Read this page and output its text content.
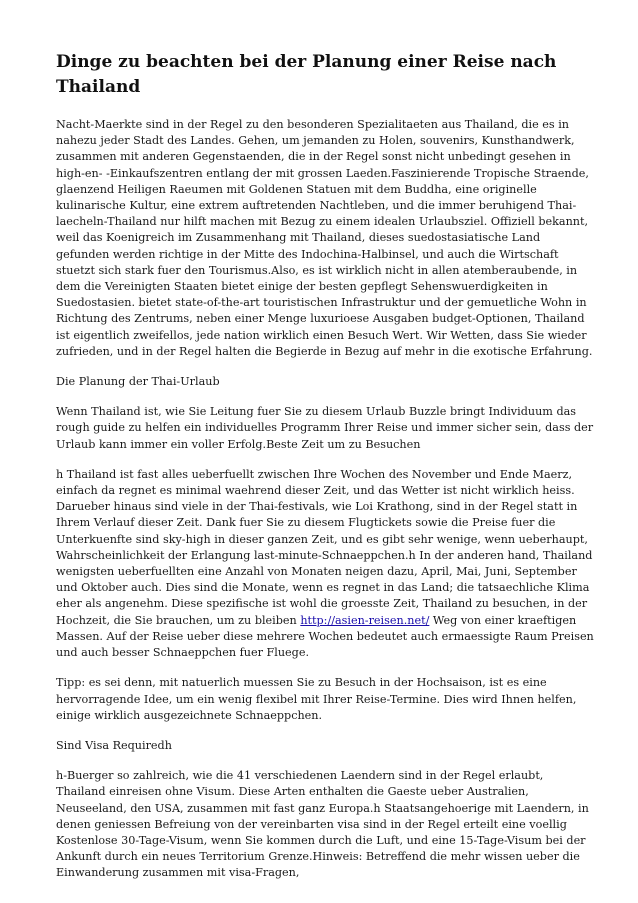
Dinge zu beachten bei der Planung einer Reise nach Thailand

Nacht-Maerkte sind in der Regel zu den besonderen Spezialitaeten aus Thailand, die es in nahezu jeder Stadt des Landes. Gehen, um jemanden zu Holen, souvenirs, Kunsthandwerk, zusammen mit anderen Gegenstaenden, die in der Regel sonst nicht unbedingt gesehen in high-en- -Einkaufszentren entlang der mit grossen Laeden.Faszinierende Tropische Straende, glaenzend Heiligen Raeumen mit Goldenen Statuen mit dem Buddha, eine originelle kulinarische Kultur, eine extrem auftretenden Nachtleben, und die immer beruhigend Thai-laecheln-Thailand nur hilft machen mit Bezug zu einem idealen Urlaubsziel. Offiziell bekannt, weil das Koenigreich im Zusammenhang mit Thailand, dieses suedostasiatische Land gefunden werden richtige in der Mitte des Indochina-Halbinsel, und auch die Wirtschaft stuetzt sich stark fuer den Tourismus.Also, es ist wirklich nicht in allen atemberaubende, in dem die Vereinigten Staaten bietet einige der besten gepflegt Sehenswuerdigkeiten in Suedostasien. bietet state-of-the-art touristischen Infrastruktur und der gemuetliche Wohn in Richtung des Zentrums, neben einer Menge luxurioese Ausgaben budget-Optionen, Thailand ist eigentlich zweifellos, jede nation wirklich einen Besuch Wert. Wir Wetten, dass Sie wieder zufrieden, und in der Regel halten die Begierde in Bezug auf mehr in die exotische Erfahrung.

Die Planung der Thai-Urlaub

Wenn Thailand ist, wie Sie Leitung fuer Sie zu diesem Urlaub Buzzle bringt Individuum das rough guide zu helfen ein individuelles Programm Ihrer Reise und immer sicher sein, dass der Urlaub kann immer ein voller Erfolg.Beste Zeit um zu Besuchen

h Thailand ist fast alles ueberfuellt zwischen Ihre Wochen des November und Ende Maerz, einfach da regnet es minimal waehrend dieser Zeit, und das Wetter ist nicht wirklich heiss. Darueber hinaus sind viele in der Thai-festivals, wie Loi Krathong, sind in der Regel statt in Ihrem Verlauf dieser Zeit. Dank fuer Sie zu diesem Flugtickets sowie die Preise fuer die Unterkuenfte sind sky-high in dieser ganzen Zeit, und es gibt sehr wenige, wenn ueberhaupt, Wahrscheinlichkeit der Erlangung last-minute-Schnaeppchen.h In der anderen hand, Thailand wenigsten ueberfuellten eine Anzahl von Monaten neigen dazu, April, Mai, Juni, September und Oktober auch. Dies sind die Monate, wenn es regnet in das Land; die tatsaechliche Klima eher als angenehm. Diese spezifische ist wohl die groesste Zeit, Thailand zu besuchen, in der Hochzeit, die Sie brauchen, um zu bleiben http://asien-reisen.net/ Weg von einer kraeftigen Massen. Auf der Reise ueber diese mehrere Wochen bedeutet auch ermaessigte Raum Preisen und auch besser Schnaeppchen fuer Fluege.

Tipp: es sei denn, mit natuerlich muessen Sie zu Besuch in der Hochsaison, ist es eine hervorragende Idee, um ein wenig flexibel mit Ihrer Reise-Termine. Dies wird Ihnen helfen, einige wirklich ausgezeichnete Schnaeppchen.

Sind Visa Requiredh

h-Buerger so zahlreich, wie die 41 verschiedenen Laendern sind in der Regel erlaubt, Thailand einreisen ohne Visum. Diese Arten enthalten die Gaeste ueber Australien, Neuseeland, den USA, zusammen mit fast ganz Europa.h Staatsangehoerige mit Laendern, in denen geniessen Befreiung von der vereinbarten visa sind in der Regel erteilt eine voellig Kostenlose 30-Tage-Visum, wenn Sie kommen durch die Luft, und eine 15-Tage-Visum bei der Ankunft durch ein neues Territorium Grenze.Hinweis: Betreffend die mehr wissen ueber die Einwanderung zusammen mit visa-Fragen,
